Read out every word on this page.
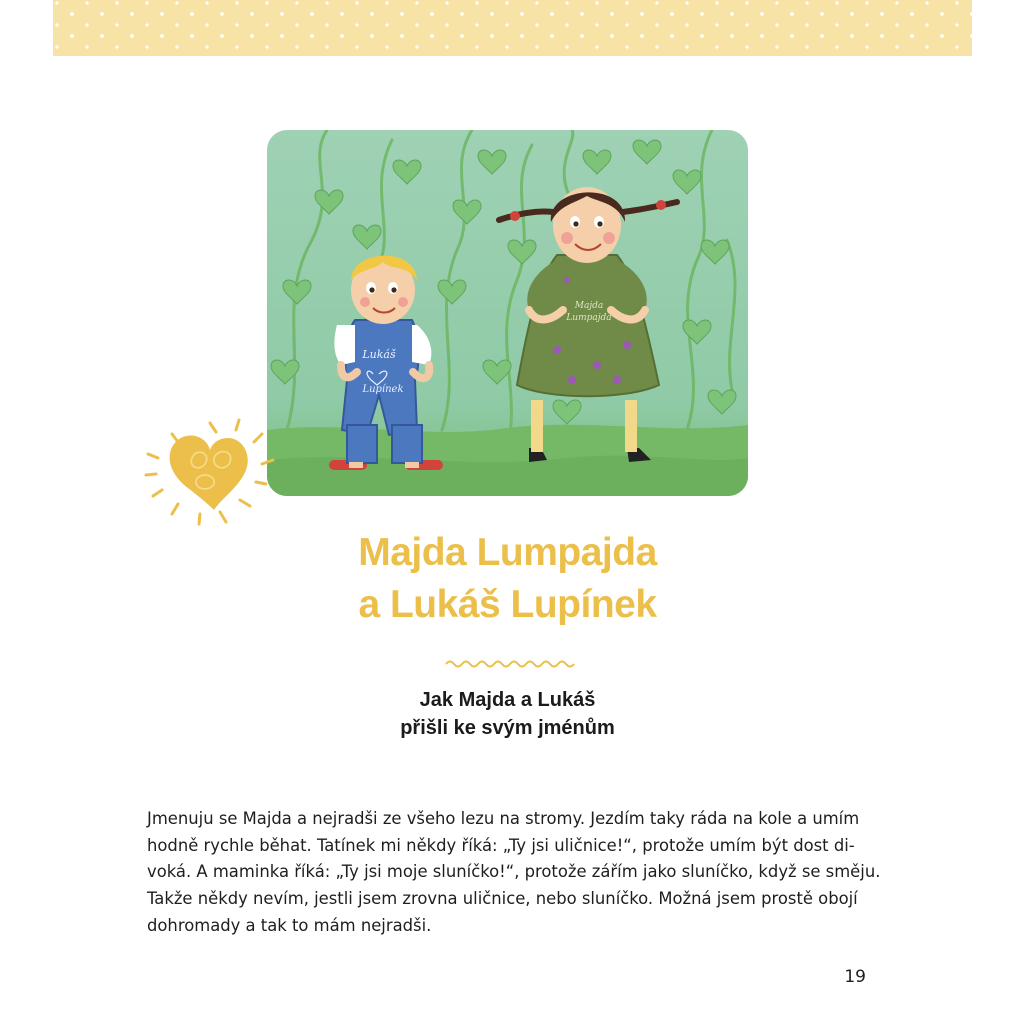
Lukáš
Lupínek
Majda
Lumpajda
Majda Lumpajda
a Lukáš Lupínek
Jak Majda a Lukáš
přišli ke svým jménům

Jmenuju se Majda a nejradši ze všeho lezu na stromy. Jezdím taky ráda na kole a umím
hodně rychle běhat. Tatínek mi někdy říká: „Ty jsi uličnice!“, protože umím být dost di-
voká. A maminka říká: „Ty jsi moje sluníčko!“, protože zářím jako sluníčko, když se směju.
Takže někdy nevím, jestli jsem zrovna uličnice, nebo sluníčko. Možná jsem prostě obojí
dohromady a tak to mám nejradši.

19
